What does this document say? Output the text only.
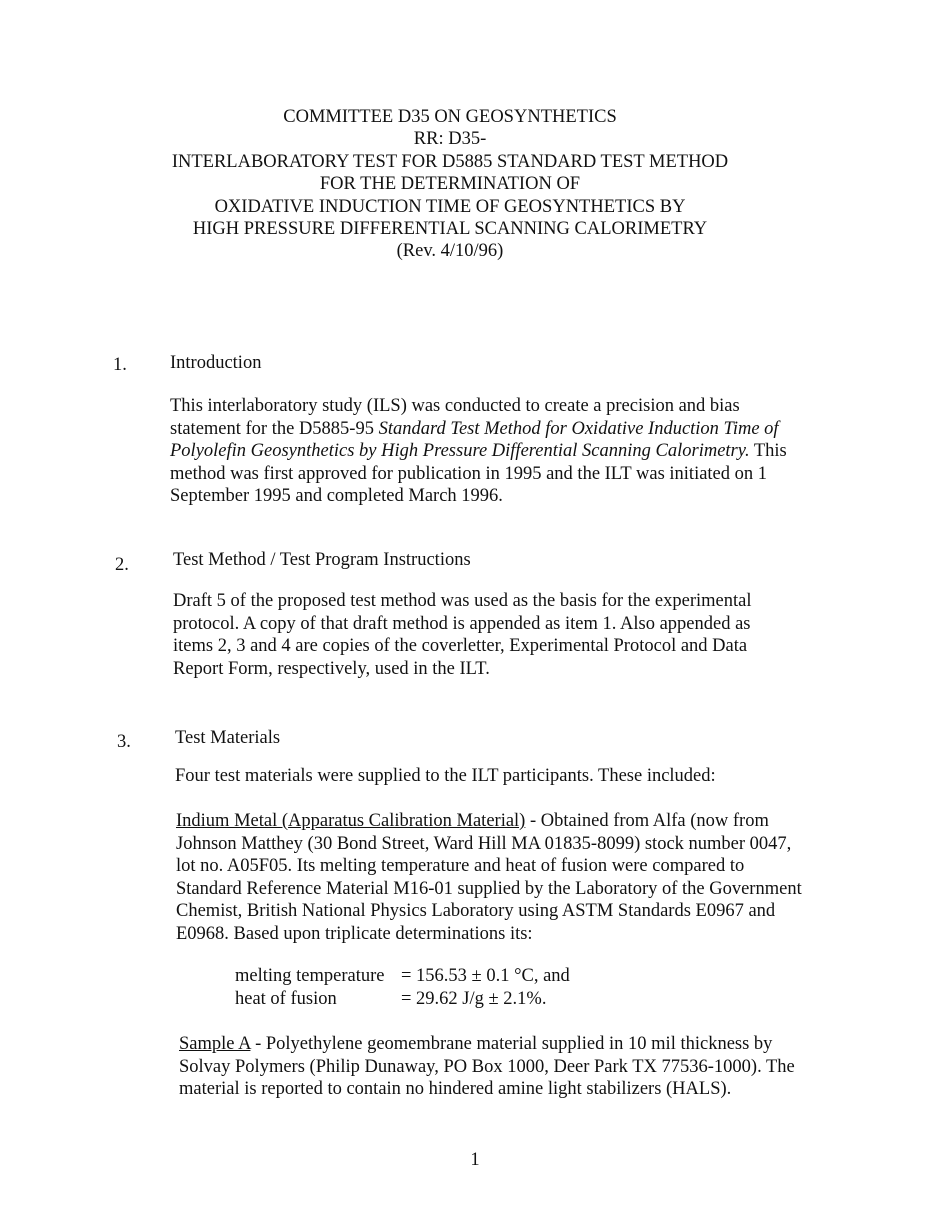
COMMITTEE D35 ON GEOSYNTHETICS
RR: D35-
INTERLABORATORY TEST FOR D5885 STANDARD TEST METHOD
FOR THE DETERMINATION OF
OXIDATIVE INDUCTION TIME OF GEOSYNTHETICS BY
HIGH PRESSURE DIFFERENTIAL SCANNING CALORIMETRY
(Rev. 4/10/96)
1. Introduction
This interlaboratory study (ILS) was conducted to create a precision and bias
statement for the D5885-95 Standard Test Method for Oxidative Induction Time of
Polyolefin Geosynthetics by High Pressure Differential Scanning Calorimetry. This
method was first approved for publication in 1995 and the ILT was initiated on 1
September 1995 and completed March 1996.
2. Test Method / Test Program Instructions
Draft 5 of the proposed test method was used as the basis for the experimental
protocol. A copy of that draft method is appended as item 1. Also appended as
items 2, 3 and 4 are copies of the coverletter, Experimental Protocol and Data
Report Form, respectively, used in the ILT.
3. Test Materials
Four test materials were supplied to the ILT participants. These included:
Indium Metal (Apparatus Calibration Material) - Obtained from Alfa (now from
Johnson Matthey (30 Bond Street, Ward Hill MA 01835-8099) stock number 0047,
lot no. A05F05. Its melting temperature and heat of fusion were compared to
Standard Reference Material M16-01 supplied by the Laboratory of the Government
Chemist, British National Physics Laboratory using ASTM Standards E0967 and
E0968. Based upon triplicate determinations its:
melting temperature = 156.53 ± 0.1 °C, and
heat of fusion	= 29.62 J/g ± 2.1%.
Sample A - Polyethylene geomembrane material supplied in 10 mil thickness by
Solvay Polymers (Philip Dunaway, PO Box 1000, Deer Park TX 77536-1000). The
material is reported to contain no hindered amine light stabilizers (HALS).
1
